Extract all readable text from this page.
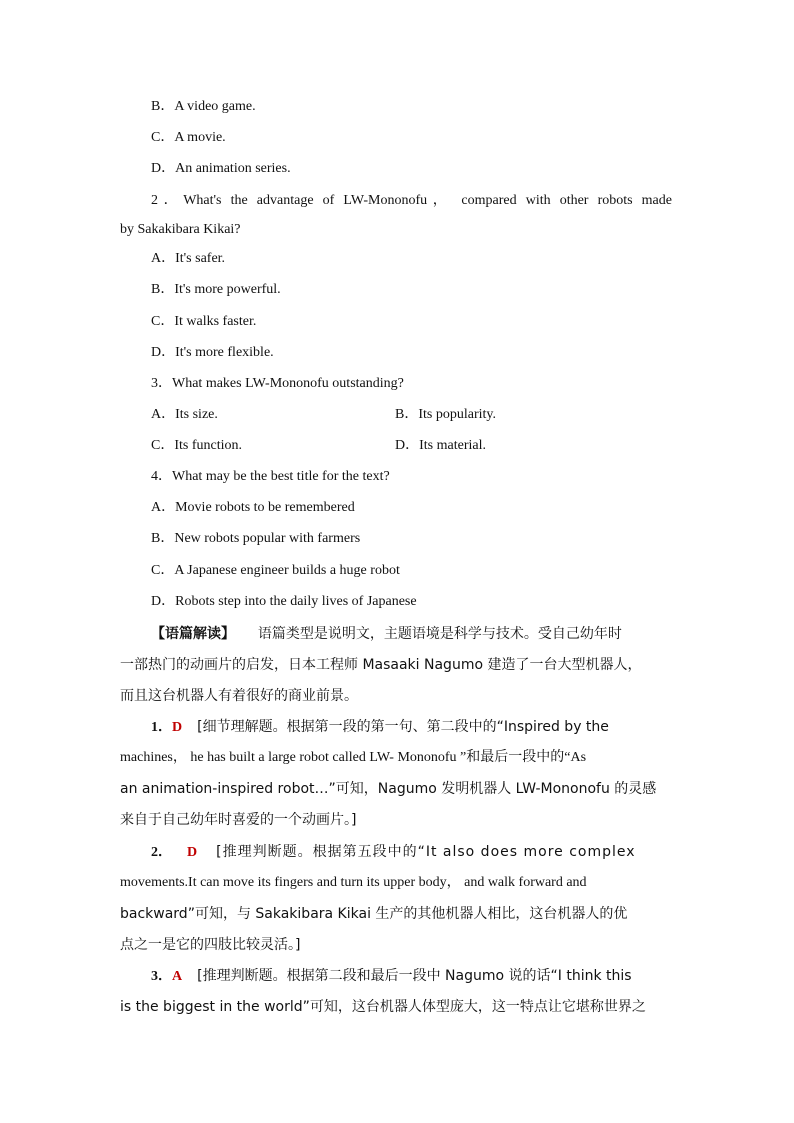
B．A video game.
C．A movie.
D．An animation series.
2．What's the advantage of LW-Mononofu， compared with other robots made
by Sakakibara Kikai?
A．It's safer.
B．It's more powerful.
C．It walks faster.
D．It's more flexible.
3．What makes LW-Mononofu outstanding?
A．Its size.	B．Its popularity.
C．Its function.	D．Its material.
4．What may be the best title for the text?
A．Movie robots to be remembered
B．New robots popular with farmers
C．A Japanese engineer builds a huge robot
D．Robots step into the daily lives of Japanese
【语篇解读】 语篇类型是说明文，主题语境是科学与技术。受自己幼年时
一部热门的动画片的启发，日本工程师 Masaaki Nagumo 建造了一台大型机器人，
而且这台机器人有着很好的商业前景。
1．D [细节理解题。根据第一段的第一句、第二段中的“Inspired by the
machines， he has built a large robot called LW- Mononofu ”和最后一段中的“As
an animation-inspired robot…”可知，Nagumo 发明机器人 LW-Mononofu 的灵感
来自于自己幼年时喜爱的一个动画片。]
2． D [推理判断题。根据第五段中的“It also does more complex
movements.It can move its fingers and turn its upper body， and walk forward and
backward”可知，与 Sakakibara Kikai 生产的其他机器人相比，这台机器人的优
点之一是它的四肢比较灵活。]
3．A [推理判断题。根据第二段和最后一段中 Nagumo 说的话“I think this
is the biggest in the world”可知，这台机器人体型庞大，这一特点让它堪称世界之
